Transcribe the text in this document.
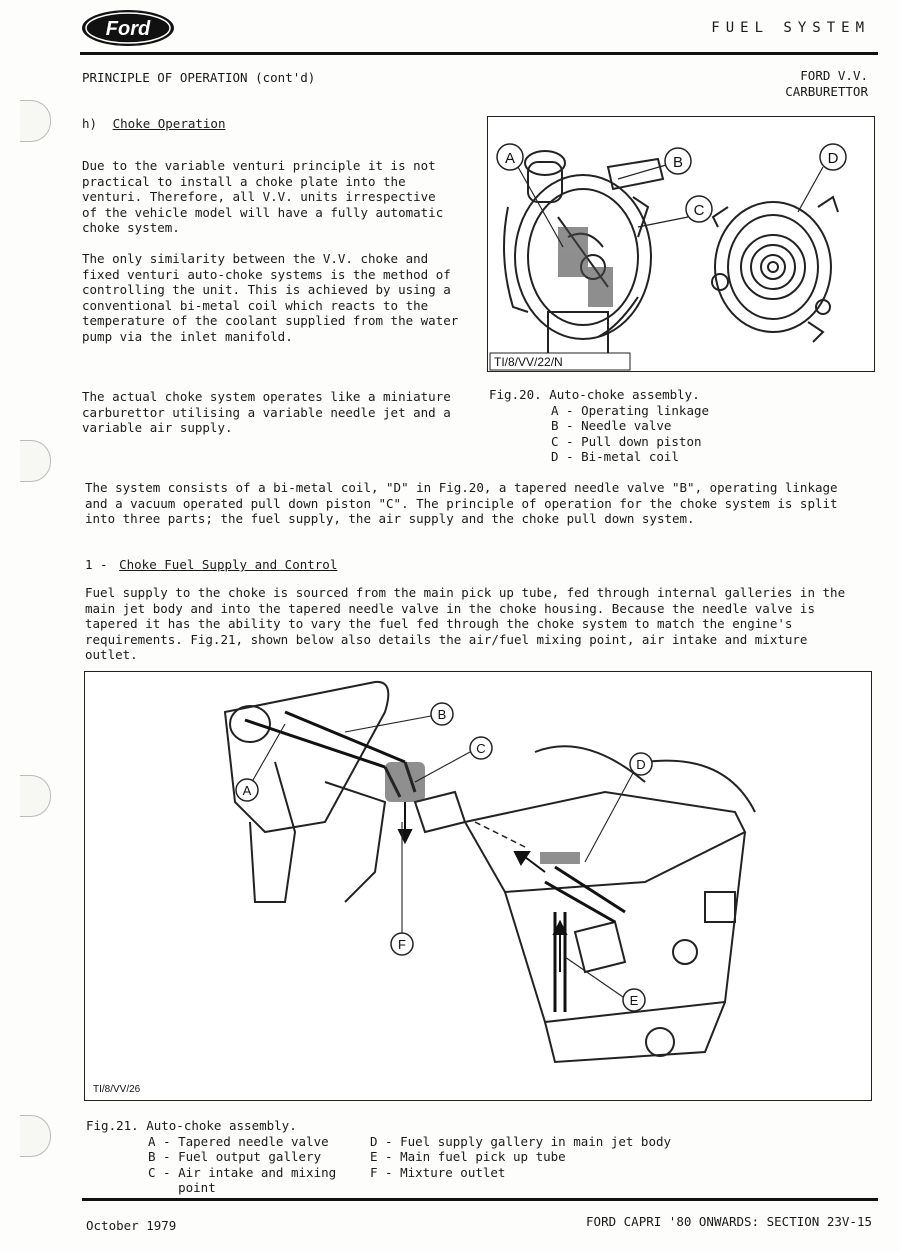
Ford	FUEL SYSTEM
PRINCIPLE OF OPERATION (cont'd)	FORD V.V.
CARBURETTOR
h) Choke Operation
Due to the variable venturi principle it is not
practical to install a choke plate into the
venturi. Therefore, all V.V. units irrespective
of the vehicle model will have a fully automatic
choke system.
The only similarity between the V.V. choke and
fixed venturi auto-choke systems is the method of
controlling the unit. This is achieved by using a
conventional bi-metal coil which reacts to the
temperature of the coolant supplied from the water
pump via the inlet manifold.
A	B
C
D
TI/8/VV/22/N
The actual choke system operates like a miniature
carburettor utilising a variable needle jet and a
variable air supply.
Fig.20. Auto-choke assembly.
A - Operating linkage
B - Needle valve
C - Pull down piston
D - Bi-metal coil
The system consists of a bi-metal coil, "D" in Fig.20, a tapered needle valve "B", operating linkage
and a vacuum operated pull down piston "C". The principle of operation for the choke system is split
into three parts; the fuel supply, the air supply and the choke pull down system.
1 - Choke Fuel Supply and Control
Fuel supply to the choke is sourced from the main pick up tube, fed through internal galleries in the
main jet body and into the tapered needle valve in the choke housing. Because the needle valve is
tapered it has the ability to vary the fuel fed through the choke system to match the engine's
requirements. Fig.21, shown below also details the air/fuel mixing point, air intake and mixture
outlet.
A
B
C
D
E
F
TI/8/VV/26
Fig.21. Auto-choke assembly.
A - Tapered needle valve
B - Fuel output gallery
C - Air intake and mixing
point
D - Fuel supply gallery in main jet body
E - Main fuel pick up tube
F - Mixture outlet
October 1979	FORD CAPRI '80 ONWARDS: SECTION 23V-15
